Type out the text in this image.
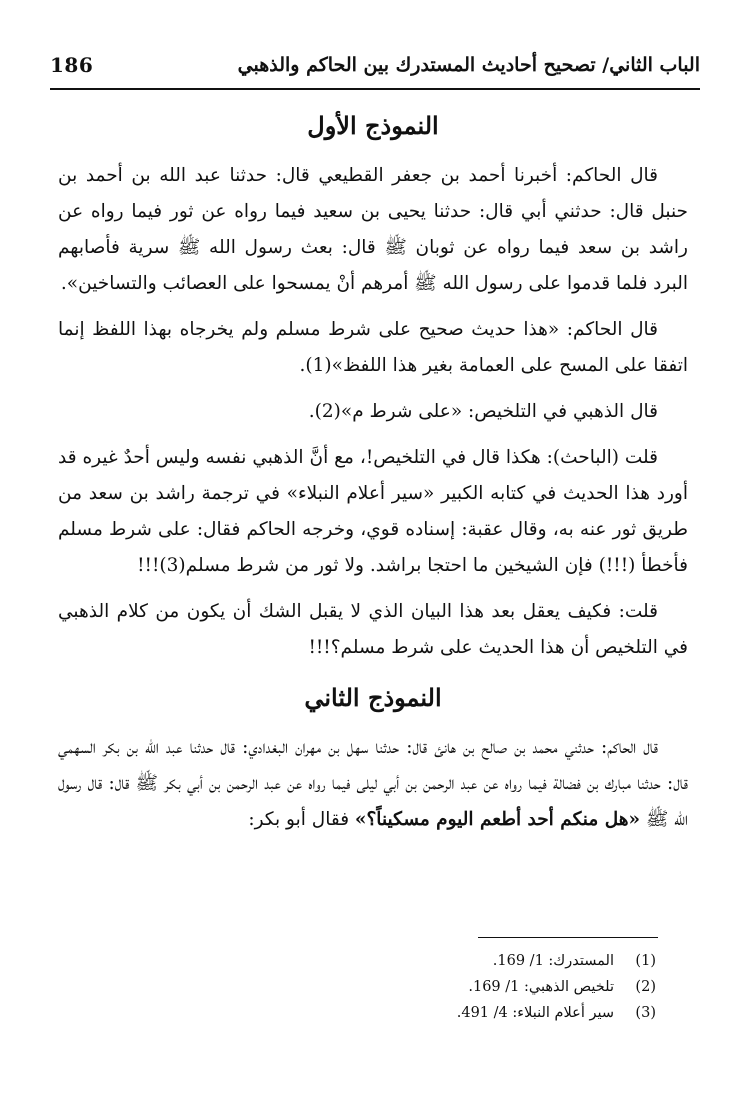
186	الباب الثاني/ تصحيح أحاديث المستدرك بين الحاكم والذهبي
النموذج الأول

قال الحاكم: أخبرنا أحمد بن جعفر القطيعي قال: حدثنا عبد الله بن أحمد بن حنبل قال: حدثني أبي قال: حدثنا يحيى بن سعيد فيما رواه عن ثور فيما رواه عن راشد بن سعد فيما رواه عن ثوبان ﷺ قال: بعث رسول الله ﷺ سرية فأصابهم البرد فلما قدموا على رسول الله ﷺ أمرهم أنْ يمسحوا على العصائب والتساخين».

قال الحاكم: «هذا حديث صحيح على شرط مسلم ولم يخرجاه بهذا اللفظ إنما اتفقا على المسح على العمامة بغير هذا اللفظ»(1).

قال الذهبي في التلخيص: «على شرط م»(2).

قلت (الباحث): هكذا قال في التلخيص!، مع أنَّ الذهبي نفسه وليس أحدٌ غيره قد أورد هذا الحديث في كتابه الكبير «سير أعلام النبلاء» في ترجمة راشد بن سعد من طريق ثور عنه به، وقال عقبة: إسناده قوي، وخرجه الحاكم فقال: على شرط مسلم فأخطأ (!!!) فإن الشيخين ما احتجا براشد. ولا ثور من شرط مسلم(3)!!!

قلت: فكيف يعقل بعد هذا البيان الذي لا يقبل الشك أن يكون من كلام الذهبي في التلخيص أن هذا الحديث على شرط مسلم؟!!!

النموذج الثاني

قال الحاكم: حدثني محمد بن صالح بن هانئ قال: حدثنا سهل بن مهران البغدادي: قال حدثنا عبد الله بن بكر السهمي قال: حدثنا مبارك بن فضالة فيما رواه عن عبد الرحمن بن أبي ليلى فيما رواه عن عبد الرحمن بن أبي بكر ﷺ قال: قال رسول الله ﷺ «هل منكم أحد أطعم اليوم مسكيناً؟» فقال أبو بكر:

(1)
المستدرك: 1/ 169.
(2)
تلخيص الذهبي: 1/ 169.
(3)
سير أعلام النبلاء: 4/ 491.
